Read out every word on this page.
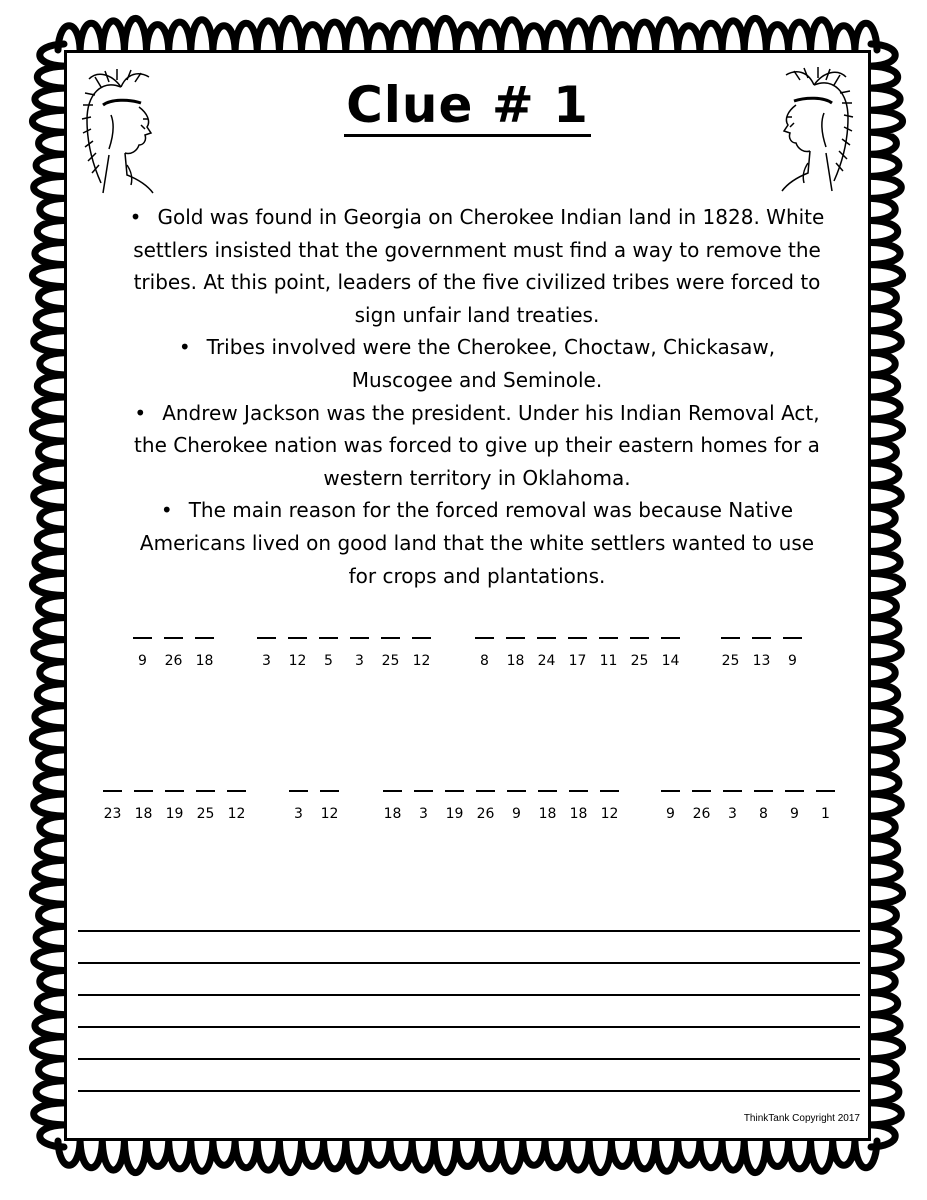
Clue # 1
• Gold was found in Georgia on Cherokee Indian land in 1828. White settlers insisted that the government must find a way to remove the tribes. At this point, leaders of the five civilized tribes were forced to sign unfair land treaties.
• Tribes involved were the Cherokee, Choctaw, Chickasaw, Muscogee and Seminole.
• Andrew Jackson was the president. Under his Indian Removal Act, the Cherokee nation was forced to give up their eastern homes for a western territory in Oklahoma.
• The main reason for the forced removal was because Native Americans lived on good land that the white settlers wanted to use for crops and plantations.
9 26 18	3 12 5 3 25 12	8 18 24 17 11 25 14	25 13 9
23 18 19 25 12	3 12	18 3 19 26 9 18 18 12	9 26 3 8 9 1
ThinkTank Copyright 2017
